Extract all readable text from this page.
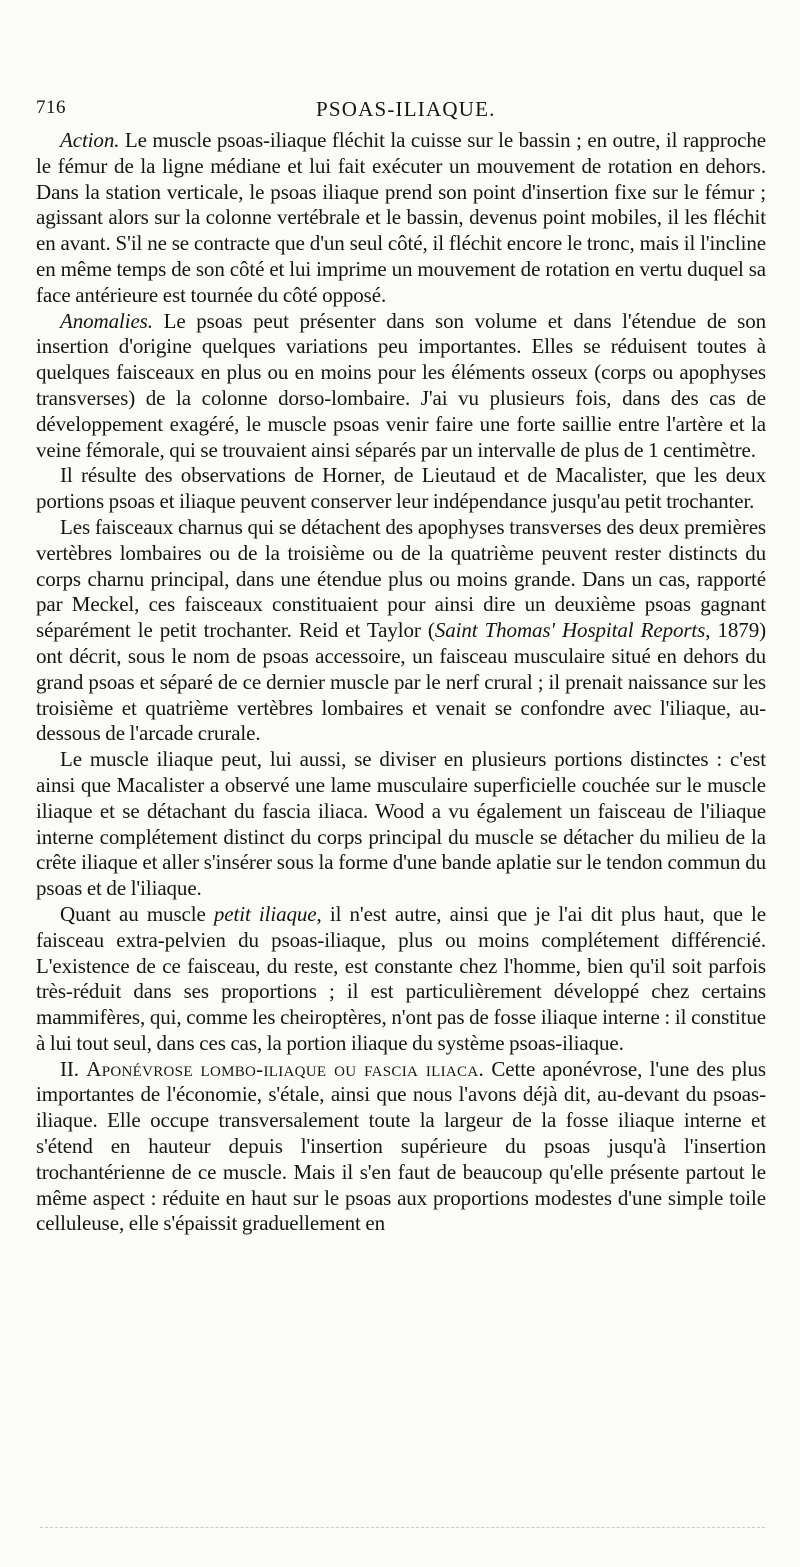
716	PSOAS-ILIAQUE.

Action. Le muscle psoas-iliaque fléchit la cuisse sur le bassin ; en outre, il rapproche le fémur de la ligne médiane et lui fait exécuter un mouvement de rotation en dehors. Dans la station verticale, le psoas iliaque prend son point d'insertion fixe sur le fémur ; agissant alors sur la colonne vertébrale et le bassin, devenus point mobiles, il les fléchit en avant. S'il ne se contracte que d'un seul côté, il fléchit encore le tronc, mais il l'incline en même temps de son côté et lui imprime un mouvement de rotation en vertu duquel sa face antérieure est tournée du côté opposé.

Anomalies. Le psoas peut présenter dans son volume et dans l'étendue de son insertion d'origine quelques variations peu importantes. Elles se réduisent toutes à quelques faisceaux en plus ou en moins pour les éléments osseux (corps ou apophyses transverses) de la colonne dorso-lombaire. J'ai vu plusieurs fois, dans des cas de développement exagéré, le muscle psoas venir faire une forte saillie entre l'artère et la veine fémorale, qui se trouvaient ainsi séparés par un intervalle de plus de 1 centimètre.

Il résulte des observations de Horner, de Lieutaud et de Macalister, que les deux portions psoas et iliaque peuvent conserver leur indépendance jusqu'au petit trochanter.

Les faisceaux charnus qui se détachent des apophyses transverses des deux premières vertèbres lombaires ou de la troisième ou de la quatrième peuvent rester distincts du corps charnu principal, dans une étendue plus ou moins grande. Dans un cas, rapporté par Meckel, ces faisceaux constituaient pour ainsi dire un deuxième psoas gagnant séparément le petit trochanter. Reid et Taylor (Saint Thomas' Hospital Reports, 1879) ont décrit, sous le nom de psoas accessoire, un faisceau musculaire situé en dehors du grand psoas et séparé de ce dernier muscle par le nerf crural ; il prenait naissance sur les troisième et quatrième vertèbres lombaires et venait se confondre avec l'iliaque, au-dessous de l'arcade crurale.

Le muscle iliaque peut, lui aussi, se diviser en plusieurs portions distinctes : c'est ainsi que Macalister a observé une lame musculaire superficielle couchée sur le muscle iliaque et se détachant du fascia iliaca. Wood a vu également un faisceau de l'iliaque interne complétement distinct du corps principal du muscle se détacher du milieu de la crête iliaque et aller s'insérer sous la forme d'une bande aplatie sur le tendon commun du psoas et de l'iliaque.

Quant au muscle petit iliaque, il n'est autre, ainsi que je l'ai dit plus haut, que le faisceau extra-pelvien du psoas-iliaque, plus ou moins complétement différencié. L'existence de ce faisceau, du reste, est constante chez l'homme, bien qu'il soit parfois très-réduit dans ses proportions ; il est particulièrement développé chez certains mammifères, qui, comme les cheiroptères, n'ont pas de fosse iliaque interne : il constitue à lui tout seul, dans ces cas, la portion iliaque du système psoas-iliaque.

II. Aponévrose lombo-iliaque ou fascia iliaca. Cette aponévrose, l'une des plus importantes de l'économie, s'étale, ainsi que nous l'avons déjà dit, au-devant du psoas-iliaque. Elle occupe transversalement toute la largeur de la fosse iliaque interne et s'étend en hauteur depuis l'insertion supérieure du psoas jusqu'à l'insertion trochantérienne de ce muscle. Mais il s'en faut de beaucoup qu'elle présente partout le même aspect : réduite en haut sur le psoas aux proportions modestes d'une simple toile celluleuse, elle s'épaissit graduellement en
